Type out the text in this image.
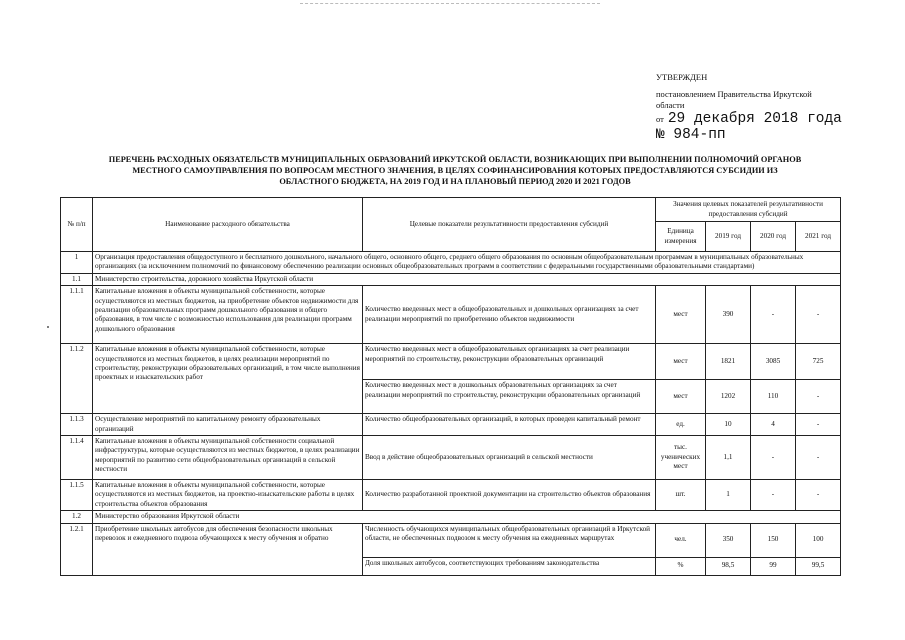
УТВЕРЖДЕН
постановлением Правительства Иркутской
области
от 29 декабря 2018 года
№ 984-пп
ПЕРЕЧЕНЬ РАСХОДНЫХ ОБЯЗАТЕЛЬСТВ МУНИЦИПАЛЬНЫХ ОБРАЗОВАНИЙ ИРКУТСКОЙ ОБЛАСТИ, ВОЗНИКАЮЩИХ ПРИ ВЫПОЛНЕНИИ ПОЛНОМОЧИЙ ОРГАНОВ
МЕСТНОГО САМОУПРАВЛЕНИЯ ПО ВОПРОСАМ МЕСТНОГО ЗНАЧЕНИЯ, В ЦЕЛЯХ СОФИНАНСИРОВАНИЯ КОТОРЫХ ПРЕДОСТАВЛЯЮТСЯ СУБСИДИИ ИЗ
ОБЛАСТНОГО БЮДЖЕТА, НА 2019 ГОД И НА ПЛАНОВЫЙ ПЕРИОД 2020 И 2021 ГОДОВ
№ п/п	Наименование расходного обязательства	Целевые показатели результативности предоставления субсидий	Значения целевых показателей результативности предоставления субсидий			
			Единица измерения	2019 год	2020 год	2021 год
1	Организация предоставления общедоступного и бесплатного дошкольного, начального общего, основного общего, среднего общего образования по основным общеобразовательным программам в муниципальных образовательных организациях (за исключением полномочий по финансовому обеспечению реализации основных общеобразовательных программ в соответствии с федеральными государственными образовательными стандартами)					
1.1	Министерство строительства, дорожного хозяйства Иркутской области					
1.1.1	Капитальные вложения в объекты муниципальной собственности, которые осуществляются из местных бюджетов, на приобретение объектов недвижимости для реализации образовательных программ дошкольного образования и общего образования, в том числе с возможностью использования для реализации программ дошкольного образования	Количество введенных мест в общеобразовательных и дошкольных организациях за счет реализации мероприятий по приобретению объектов недвижимости	мест	390	-	-
1.1.2	Капитальные вложения в объекты муниципальной собственности, которые осуществляются из местных бюджетов, в целях реализации мероприятий по строительству, реконструкции образовательных организаций, в том числе выполнения проектных и изыскательских работ	Количество введенных мест в общеобразовательных организациях за счет реализации мероприятий по строительству, реконструкции образовательных организаций	мест	1821	3085	725
		Количество введенных мест в дошкольных образовательных организациях за счет реализации мероприятий по строительству, реконструкции образовательных организаций	мест	1202	110	-
1.1.3	Осуществление мероприятий по капитальному ремонту образовательных организаций	Количество общеобразовательных организаций, в которых проведен капитальный ремонт	ед.	10	4	-
1.1.4	Капитальные вложения в объекты муниципальной собственности социальной инфраструктуры, которые осуществляются из местных бюджетов, в целях реализации мероприятий по развитию сети общеобразовательных организаций в сельской местности	Ввод в действие общеобразовательных организаций в сельской местности	тыс. ученических мест	1,1	-	-
1.1.5	Капитальные вложения в объекты муниципальной собственности, которые осуществляются из местных бюджетов, на проектно-изыскательские работы в целях строительства объектов образования	Количество разработанной проектной документации на строительство объектов образования	шт.	1	-	-
1.2	Министерство образования Иркутской области					
1.2.1	Приобретение школьных автобусов для обеспечения безопасности школьных перевозок и ежедневного подвоза обучающихся к месту обучения и обратно	Численность обучающихся муниципальных общеобразовательных организаций в Иркутской области, не обеспеченных подвозом к месту обучения на ежедневных маршрутах	чел.	350	150	100
		Доля школьных автобусов, соответствующих требованиям законодательства	%	98,5	99	99,5
